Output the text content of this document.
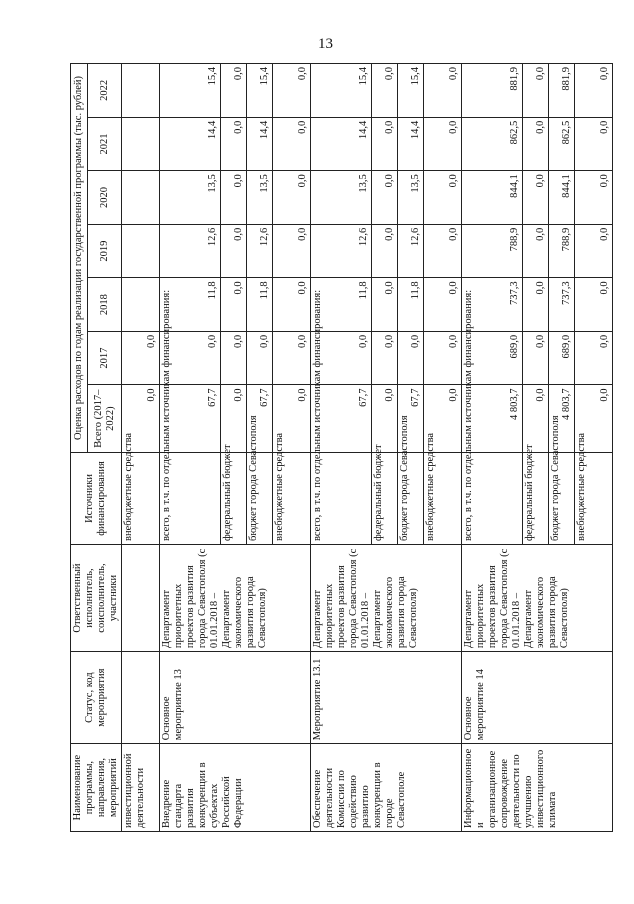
13
Наименование программы, направления, мероприятий	Статус, код мероприятия	Ответственный исполнитель, соисполнитель, участники	Источники финансирования	Оценка расходов по годам реализации государственной программы (тыс. рублей)						
				Всего (2017–2022)	2017	2018	2019	2020	2021	2022
инвестиционной деятельности			внебюджетные средства	0,0	0,0					
Внедрение стандарта развития конкуренции в субъектах Российской Федерации	Основное мероприятие 13	Департамент приоритетных проектов развития города Севастополя (с 01.01.2018 – Департамент экономического развития города Севастополя)	всего, в т.ч. по отдельным источникам финансирования:	67,7	0,0	11,8	12,6	13,5	14,4	15,4
			федеральный бюджет	0,0	0,0	0,0	0,0	0,0	0,0	0,0
			бюджет города Севастополя	67,7	0,0	11,8	12,6	13,5	14,4	15,4
			внебюджетные средства	0,0	0,0	0,0	0,0	0,0	0,0	0,0
Обеспечение деятельности Комиссии по содействию развитию конкуренции в городе Севастополе	Мероприятие 13.1	Департамент приоритетных проектов развития города Севастополя (с 01.01.2018 – Департамент экономического развития города Севастополя)	всего, в т.ч. по отдельным источникам финансирования:	67,7	0,0	11,8	12,6	13,5	14,4	15,4
			федеральный бюджет	0,0	0,0	0,0	0,0	0,0	0,0	0,0
			бюджет города Севастополя	67,7	0,0	11,8	12,6	13,5	14,4	15,4
			внебюджетные средства	0,0	0,0	0,0	0,0	0,0	0,0	0,0
Информационное и организационное сопровождение деятельности по улучшению инвестиционного климата	Основное мероприятие 14	Департамент приоритетных проектов развития города Севастополя (с 01.01.2018 – Департамент экономического развития города Севастополя)	всего, в т.ч. по отдельным источникам финансирования:	4 803,7	689,0	737,3	788,9	844,1	862,5	881,9
			федеральный бюджет	0,0	0,0	0,0	0,0	0,0	0,0	0,0
			бюджет города Севастополя	4 803,7	689,0	737,3	788,9	844,1	862,5	881,9
			внебюджетные средства	0,0	0,0	0,0	0,0	0,0	0,0	0,0
